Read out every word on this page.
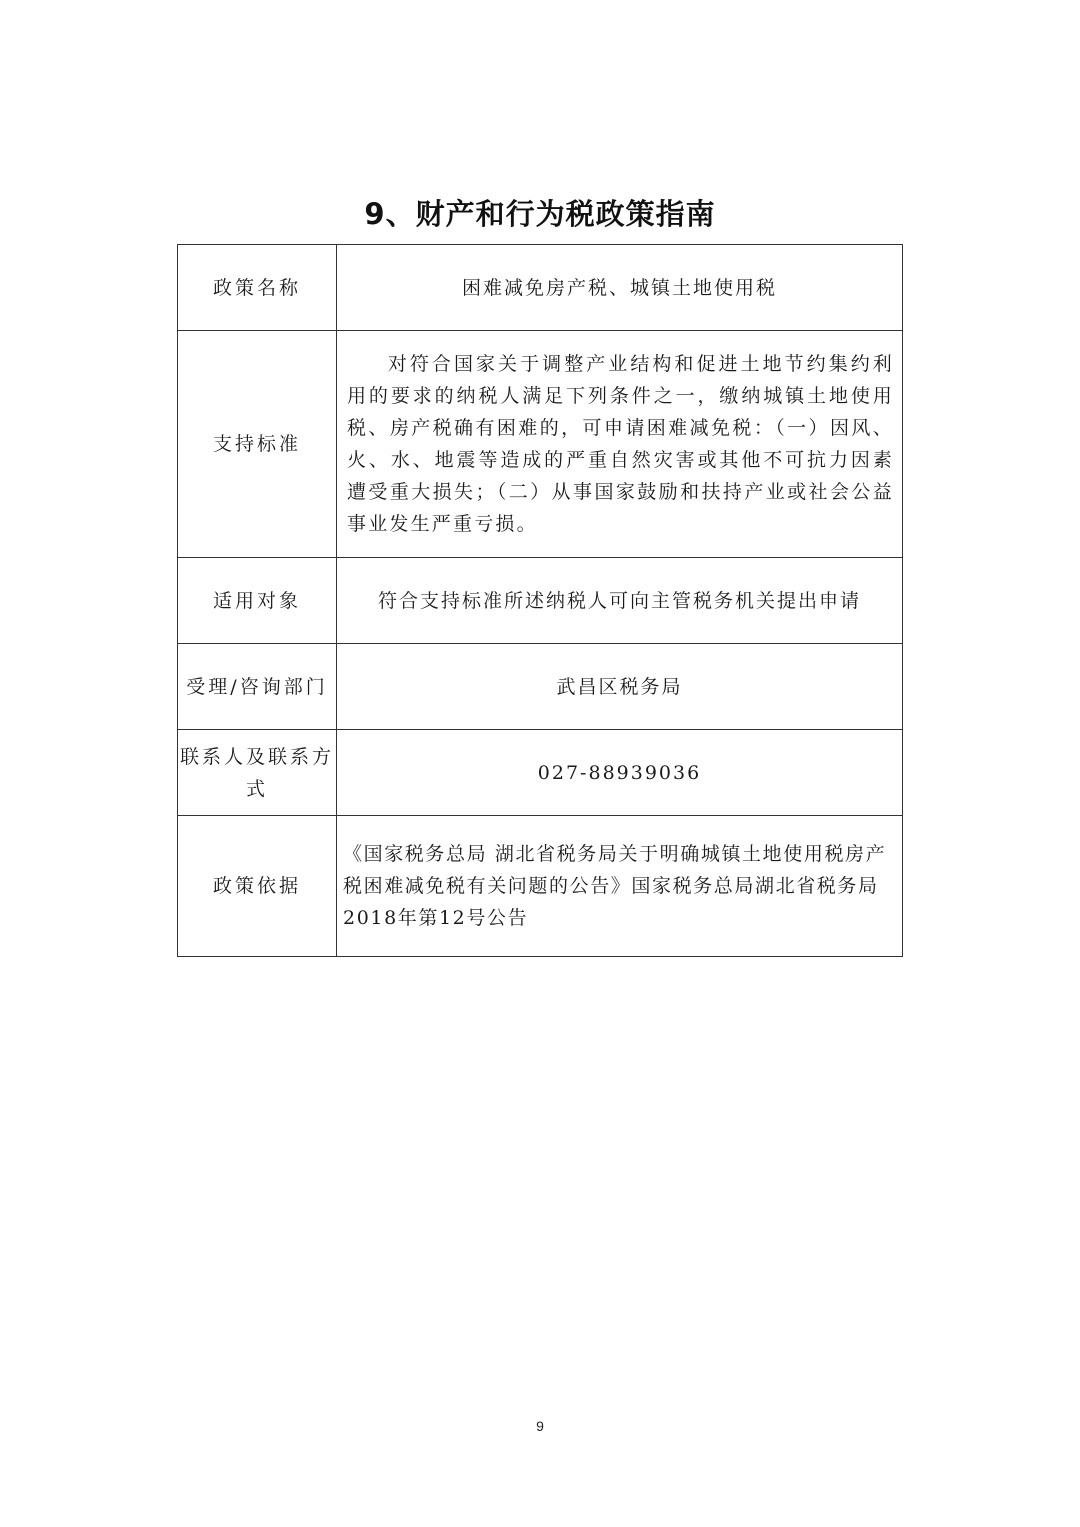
9、财产和行为税政策指南
政策名称	困难减免房产税、城镇土地使用税
支持标准	对符合国家关于调整产业结构和促进土地节约集约利用的要求的纳税人满足下列条件之一，缴纳城镇土地使用税、房产税确有困难的，可申请困难减免税：（一）因风、火、水、地震等造成的严重自然灾害或其他不可抗力因素遭受重大损失；（二）从事国家鼓励和扶持产业或社会公益事业发生严重亏损。
适用对象	符合支持标准所述纳税人可向主管税务机关提出申请
受理/咨询部门	武昌区税务局
联系人及联系方式	027-88939036
政策依据	《国家税务总局 湖北省税务局关于明确城镇土地使用税房产税困难减免税有关问题的公告》国家税务总局湖北省税务局2018年第12号公告
9
